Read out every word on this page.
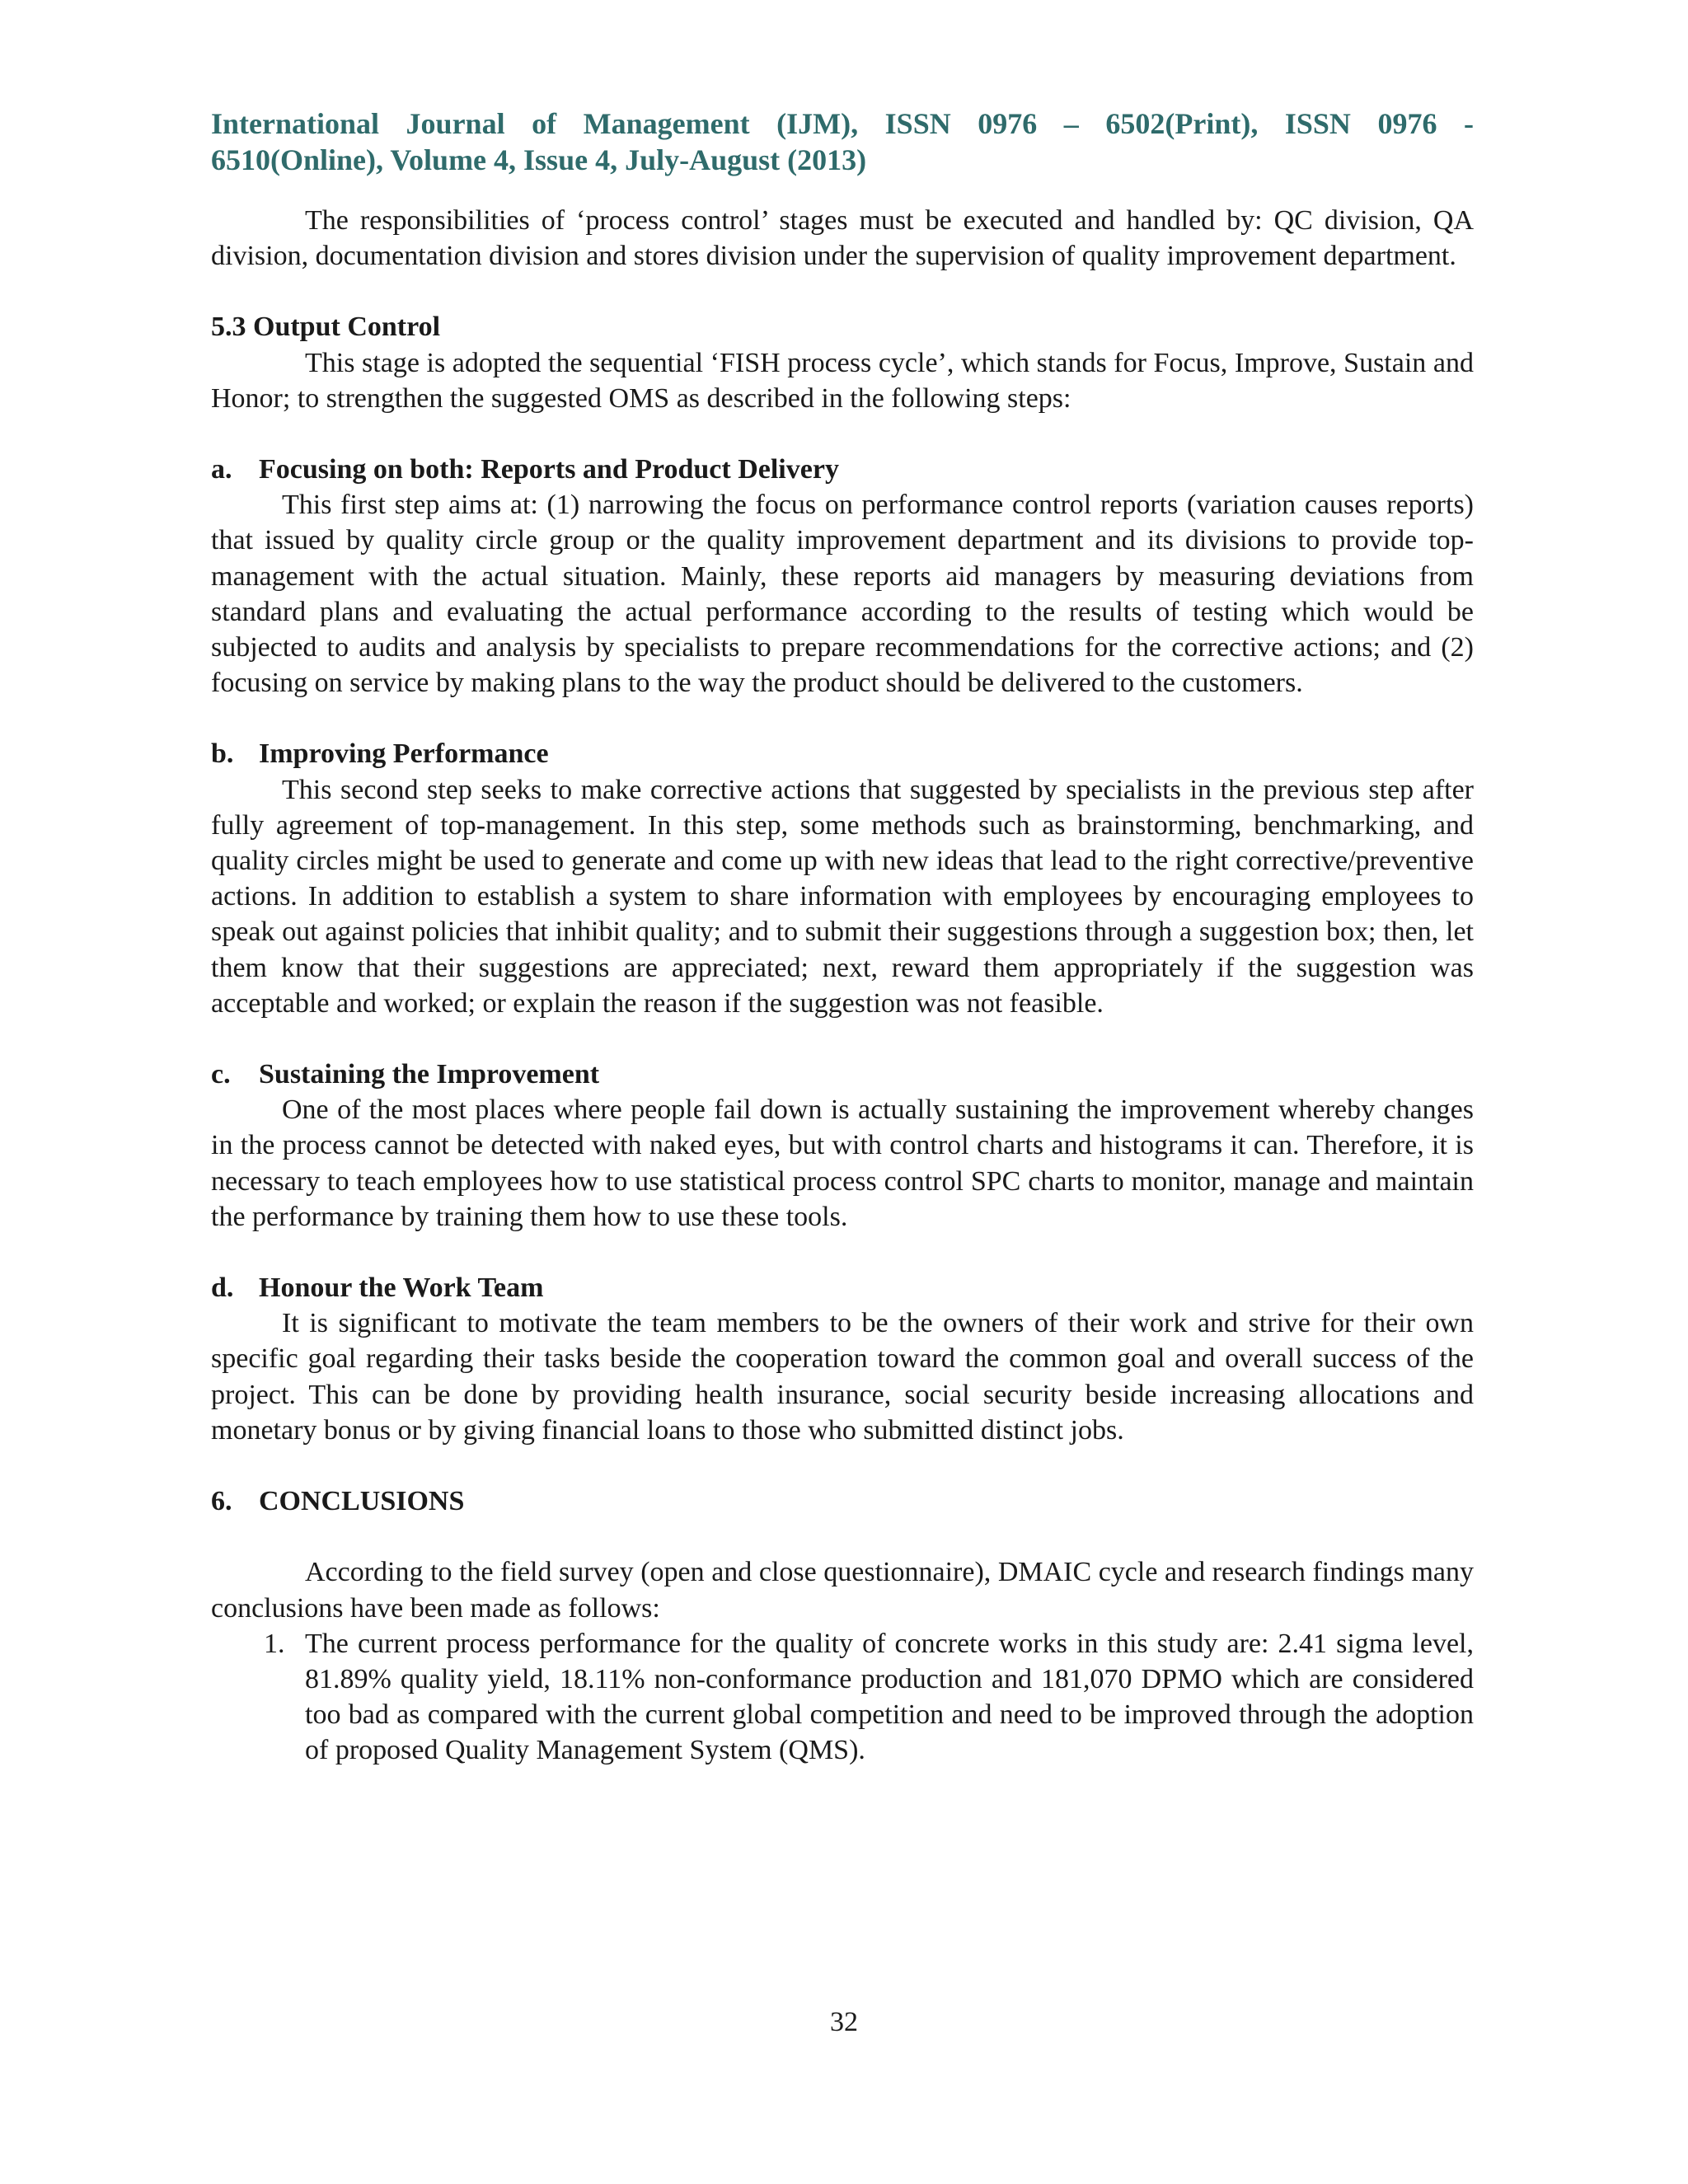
International Journal of Management (IJM), ISSN 0976 – 6502(Print), ISSN 0976 -
6510(Online), Volume 4, Issue 4, July-August (2013)

The responsibilities of ‘process control’ stages must be executed and handled by: QC division, QA division, documentation division and stores division under the supervision of quality improvement department.

5.3 Output Control

This stage is adopted the sequential ‘FISH process cycle’, which stands for Focus, Improve, Sustain and Honor; to strengthen the suggested OMS as described in the following steps:

a. Focusing on both: Reports and Product Delivery

This first step aims at: (1) narrowing the focus on performance control reports (variation causes reports) that issued by quality circle group or the quality improvement department and its divisions to provide top-management with the actual situation. Mainly, these reports aid managers by measuring deviations from standard plans and evaluating the actual performance according to the results of testing which would be subjected to audits and analysis by specialists to prepare recommendations for the corrective actions; and (2) focusing on service by making plans to the way the product should be delivered to the customers.

b. Improving Performance

This second step seeks to make corrective actions that suggested by specialists in the previous step after fully agreement of top-management. In this step, some methods such as brainstorming, benchmarking, and quality circles might be used to generate and come up with new ideas that lead to the right corrective/preventive actions. In addition to establish a system to share information with employees by encouraging employees to speak out against policies that inhibit quality; and to submit their suggestions through a suggestion box; then, let them know that their suggestions are appreciated; next, reward them appropriately if the suggestion was acceptable and worked; or explain the reason if the suggestion was not feasible.

c. Sustaining the Improvement

One of the most places where people fail down is actually sustaining the improvement whereby changes in the process cannot be detected with naked eyes, but with control charts and histograms it can. Therefore, it is necessary to teach employees how to use statistical process control SPC charts to monitor, manage and maintain the performance by training them how to use these tools.

d. Honour the Work Team

It is significant to motivate the team members to be the owners of their work and strive for their own specific goal regarding their tasks beside the cooperation toward the common goal and overall success of the project. This can be done by providing health insurance, social security beside increasing allocations and monetary bonus or by giving financial loans to those who submitted distinct jobs.

6. CONCLUSIONS

According to the field survey (open and close questionnaire), DMAIC cycle and research findings many conclusions have been made as follows:

1. The current process performance for the quality of concrete works in this study are: 2.41 sigma level, 81.89% quality yield, 18.11% non-conformance production and 181,070 DPMO which are considered too bad as compared with the current global competition and need to be improved through the adoption of proposed Quality Management System (QMS).
32
